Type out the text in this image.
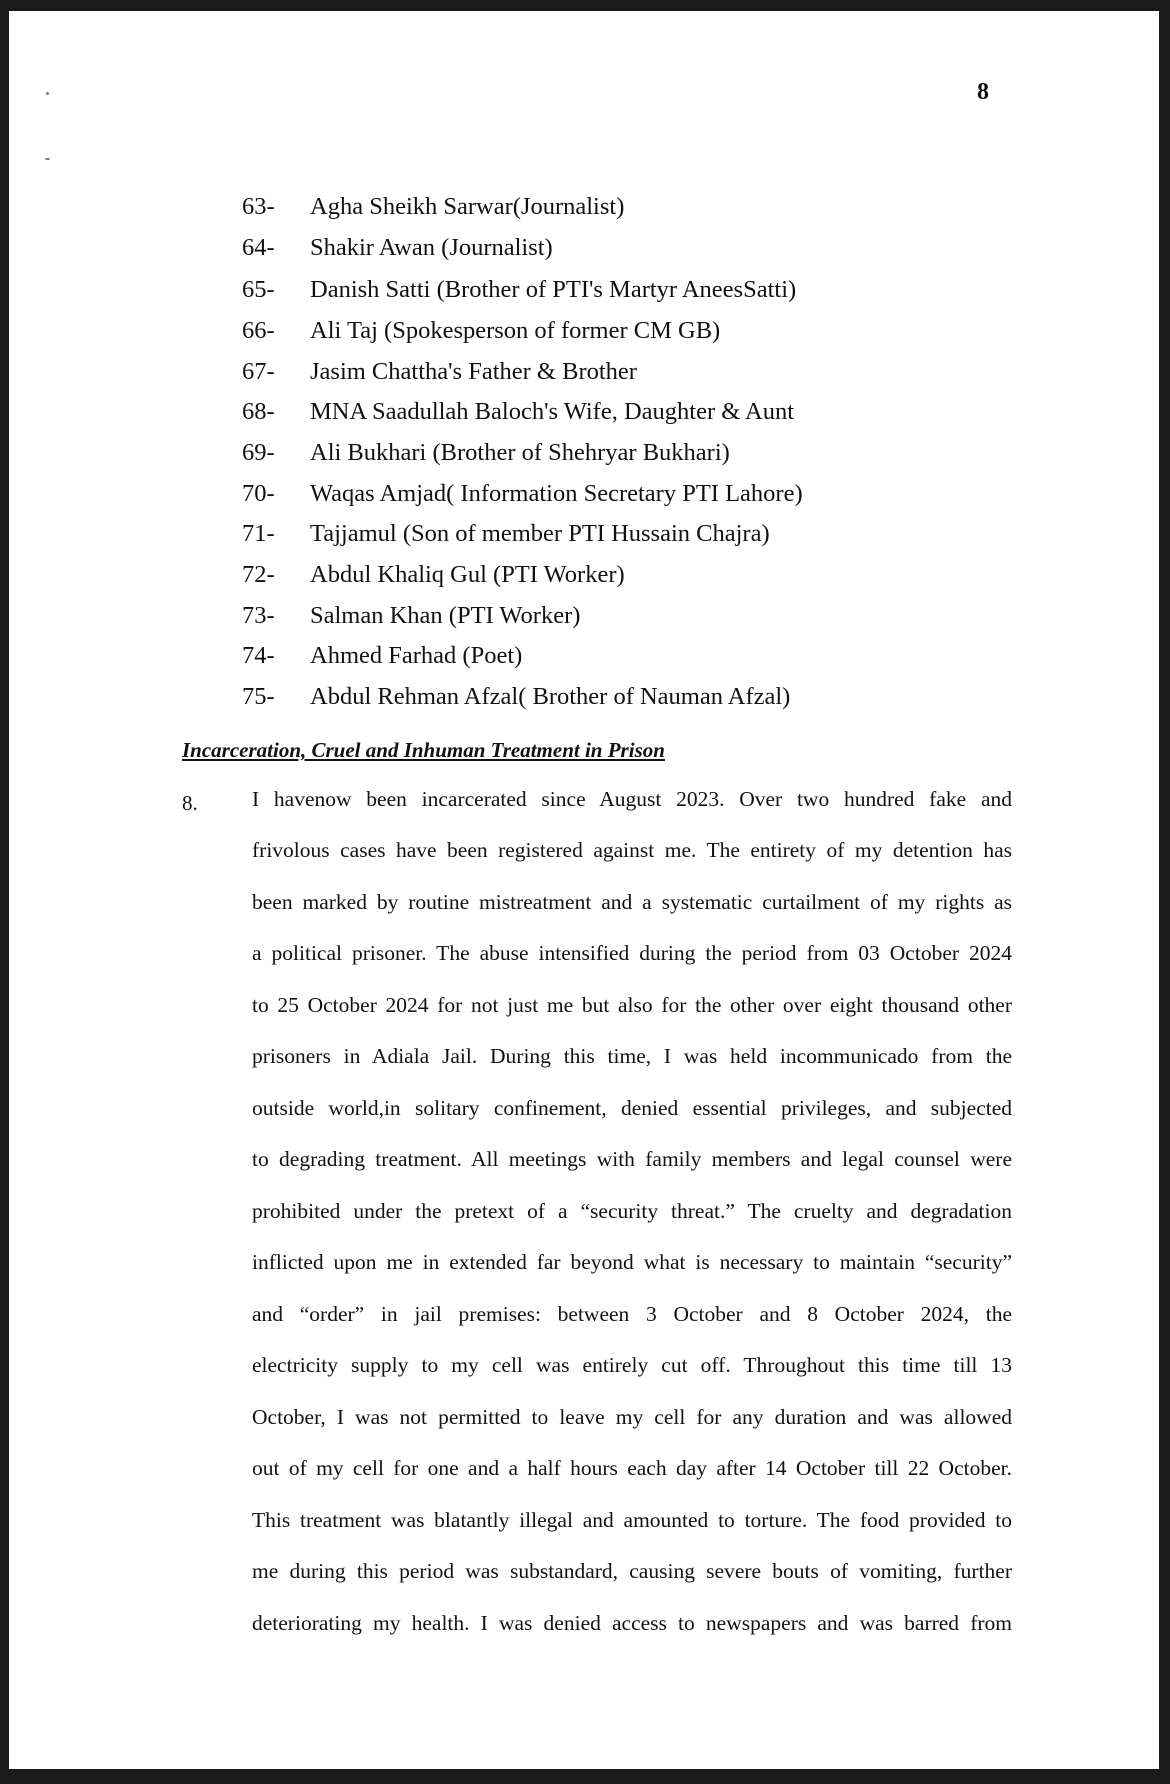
8
63- Agha Sheikh Sarwar(Journalist)
64- Shakir Awan (Journalist)
65- Danish Satti (Brother of PTI's Martyr AneesSatti)
66- Ali Taj (Spokesperson of former CM GB)
67- Jasim Chattha's Father & Brother
68- MNA Saadullah Baloch's Wife, Daughter & Aunt
69- Ali Bukhari (Brother of Shehryar Bukhari)
70- Waqas Amjad( Information Secretary PTI Lahore)
71- Tajjamul (Son of member PTI Hussain Chajra)
72- Abdul Khaliq Gul (PTI Worker)
73- Salman Khan (PTI Worker)
74- Ahmed Farhad (Poet)
75- Abdul Rehman Afzal( Brother of Nauman Afzal)
Incarceration, Cruel and Inhuman Treatment in Prison
8.	I havenow been incarcerated since August 2023. Over two hundred fake and
frivolous cases have been registered against me. The entirety of my detention has
been marked by routine mistreatment and a systematic curtailment of my rights as
a political prisoner. The abuse intensified during the period from 03 October 2024
to 25 October 2024 for not just me but also for the other over eight thousand other
prisoners in Adiala Jail. During this time, I was held incommunicado from the
outside world,in solitary confinement, denied essential privileges, and subjected
to degrading treatment. All meetings with family members and legal counsel were
prohibited under the pretext of a “security threat.” The cruelty and degradation
inflicted upon me in extended far beyond what is necessary to maintain “security”
and “order” in jail premises: between 3 October and 8 October 2024, the
electricity supply to my cell was entirely cut off. Throughout this time till 13
October, I was not permitted to leave my cell for any duration and was allowed
out of my cell for one and a half hours each day after 14 October till 22 October.
This treatment was blatantly illegal and amounted to torture. The food provided to
me during this period was substandard, causing severe bouts of vomiting, further
deteriorating my health. I was denied access to newspapers and was barred from
